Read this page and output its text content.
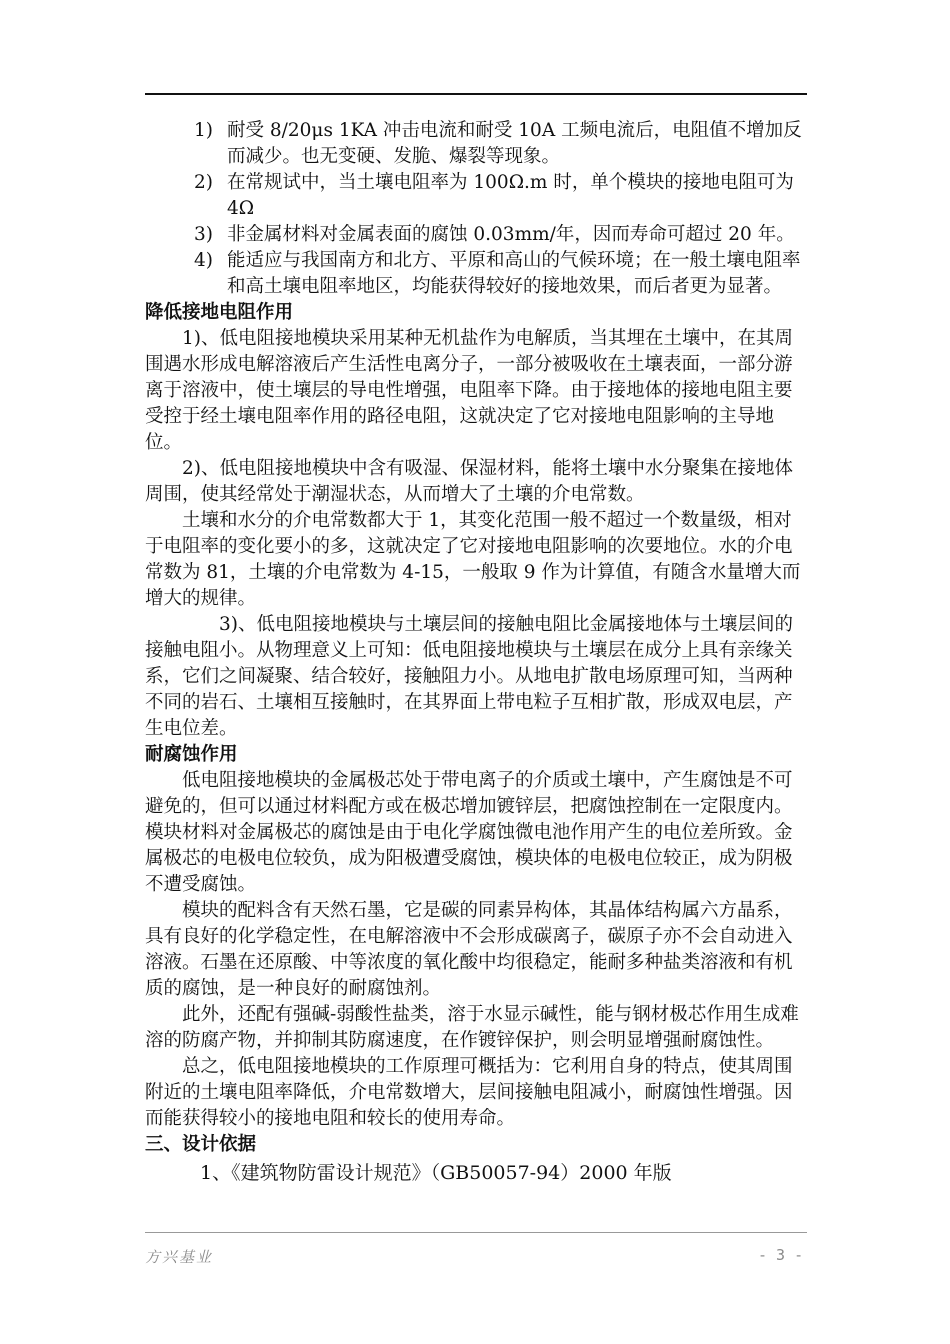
1) 耐受 8/20μs 1KA 冲击电流和耐受 10A 工频电流后，电阻值不增加反而减少。也无变硬、发脆、爆裂等现象。
2) 在常规试中，当土壤电阻率为 100Ω.m 时，单个模块的接地电阻可为 4Ω
3) 非金属材料对金属表面的腐蚀 0.03mm/年，因而寿命可超过 20 年。
4) 能适应与我国南方和北方、平原和高山的气候环境；在一般土壤电阻率和高土壤电阻率地区，均能获得较好的接地效果，而后者更为显著。
降低接地电阻作用

1)、低电阻接地模块采用某种无机盐作为电解质，当其埋在土壤中，在其周围遇水形成电解溶液后产生活性电离分子，一部分被吸收在土壤表面，一部分游离于溶液中，使土壤层的导电性增强，电阻率下降。由于接地体的接地电阻主要受控于经土壤电阻率作用的路径电阻，这就决定了它对接地电阻影响的主导地位。

2)、低电阻接地模块中含有吸湿、保湿材料，能将土壤中水分聚集在接地体周围，使其经常处于潮湿状态，从而增大了土壤的介电常数。

土壤和水分的介电常数都大于 1，其变化范围一般不超过一个数量级，相对于电阻率的变化要小的多，这就决定了它对接地电阻影响的次要地位。水的介电常数为 81，土壤的介电常数为 4-15，一般取 9 作为计算值，有随含水量增大而增大的规律。

3)、低电阻接地模块与土壤层间的接触电阻比金属接地体与土壤层间的接触电阻小。从物理意义上可知：低电阻接地模块与土壤层在成分上具有亲缘关系，它们之间凝聚、结合较好，接触阻力小。从地电扩散电场原理可知，当两种不同的岩石、土壤相互接触时，在其界面上带电粒子互相扩散，形成双电层，产生电位差。

耐腐蚀作用

低电阻接地模块的金属极芯处于带电离子的介质或土壤中，产生腐蚀是不可避免的，但可以通过材料配方或在极芯增加镀锌层，把腐蚀控制在一定限度内。模块材料对金属极芯的腐蚀是由于电化学腐蚀微电池作用产生的电位差所致。金属极芯的电极电位较负，成为阳极遭受腐蚀，模块体的电极电位较正，成为阴极不遭受腐蚀。

模块的配料含有天然石墨，它是碳的同素异构体，其晶体结构属六方晶系，具有良好的化学稳定性，在电解溶液中不会形成碳离子，碳原子亦不会自动进入溶液。石墨在还原酸、中等浓度的氧化酸中均很稳定，能耐多种盐类溶液和有机质的腐蚀，是一种良好的耐腐蚀剂。

此外，还配有强碱-弱酸性盐类，溶于水显示碱性，能与钢材极芯作用生成难溶的防腐产物，并抑制其防腐速度，在作镀锌保护，则会明显增强耐腐蚀性。

总之，低电阻接地模块的工作原理可概括为：它利用自身的特点，使其周围附近的土壤电阻率降低，介电常数增大，层间接触电阻减小，耐腐蚀性增强。因而能获得较小的接地电阻和较长的使用寿命。

三、设计依据
1、《建筑物防雷设计规范》（GB50057-94）2000 年版
方兴基业	- 3 -
